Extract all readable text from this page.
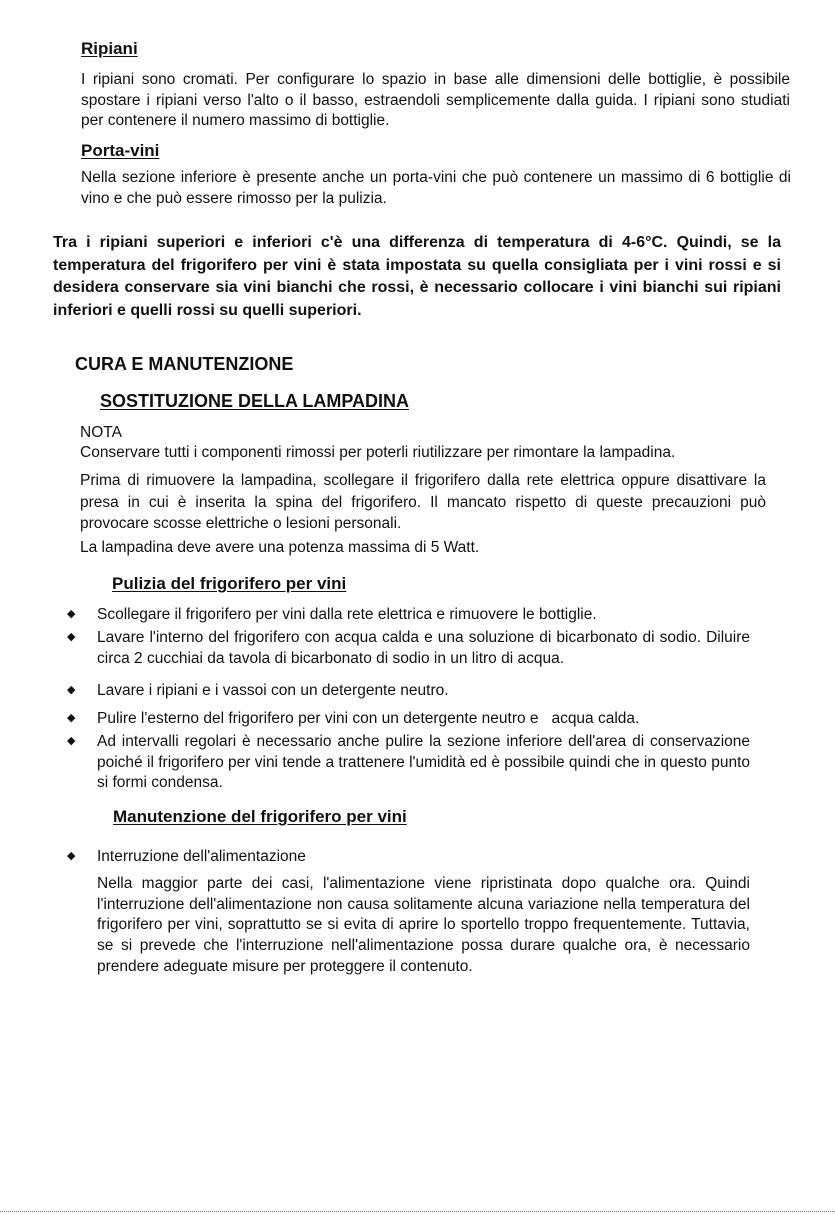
Ripiani

I ripiani sono cromati. Per configurare lo spazio in base alle dimensioni delle bottiglie, è possibile spostare i ripiani verso l'alto o il basso, estraendoli semplicemente dalla guida. I ripiani sono studiati per contenere il numero massimo di bottiglie.

Porta-vini

Nella sezione inferiore è presente anche un porta-vini che può contenere un massimo di 6 bottiglie di vino e che può essere rimosso per la pulizia.

Tra i ripiani superiori e inferiori c'è una differenza di temperatura di 4-6°C. Quindi, se la temperatura del frigorifero per vini è stata impostata su quella consigliata per i vini rossi e si desidera conservare sia vini bianchi che rossi, è necessario collocare i vini bianchi sui ripiani inferiori e quelli rossi su quelli superiori.

CURA E MANUTENZIONE
SOSTITUZIONE DELLA LAMPADINA
NOTA

Conservare tutti i componenti rimossi per poterli riutilizzare per rimontare la lampadina.

Prima di rimuovere la lampadina, scollegare il frigorifero dalla rete elettrica oppure disattivare la presa in cui è inserita la spina del frigorifero. Il mancato rispetto di queste precauzioni può provocare scosse elettriche o lesioni personali.

La lampadina deve avere una potenza massima di 5 Watt.

Pulizia del frigorifero per vini
◆ Scollegare il frigorifero per vini dalla rete elettrica e rimuovere le bottiglie.

◆ Lavare l'interno del frigorifero con acqua calda e una soluzione di bicarbonato di sodio. Diluire circa 2 cucchiai da tavola di bicarbonato di sodio in un litro di acqua.

◆ Lavare i ripiani e i vassoi con un detergente neutro.

◆ Pulire l'esterno del frigorifero per vini con un detergente neutro e   acqua calda.

◆ Ad intervalli regolari è necessario anche pulire la sezione inferiore dell'area di conservazione poiché il frigorifero per vini tende a trattenere l'umidità ed è possibile quindi che in questo punto si formi condensa.

Manutenzione del frigorifero per vini
◆ Interruzione dell'alimentazione

Nella maggior parte dei casi, l'alimentazione viene ripristinata dopo qualche ora. Quindi l'interruzione dell'alimentazione non causa solitamente alcuna variazione nella temperatura del frigorifero per vini, soprattutto se si evita di aprire lo sportello troppo frequentemente. Tuttavia, se si prevede che l'interruzione nell'alimentazione possa durare qualche ora, è necessario prendere adeguate misure per proteggere il contenuto.
